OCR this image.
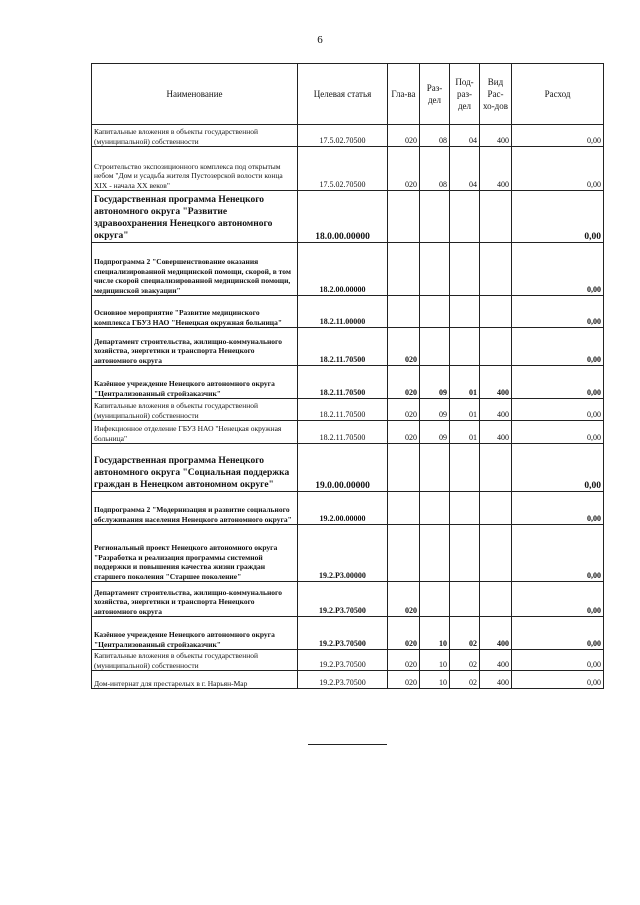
6
Наименование	Целевая статья	Гла-ва	Раз-дел	Под-раз-дел	Вид Рас-хо-дов	Расход
Капитальные вложения в объекты государственной (муниципальной) собственности	17.5.02.70500	020	08	04	400	0,00
Строительство экспозиционного комплекса под открытым небом "Дом и усадьба жителя Пустозерской волости конца XIX - начала XX веков"	17.5.02.70500	020	08	04	400	0,00
Государственная программа Ненецкого автономного округа "Развитие здравоохранения Ненецкого автономного округа"	18.0.00.00000					0,00
Подпрограмма 2 "Совершенствование оказания специализированной медицинской помощи, скорой, в том числе скорой специализированной медицинской помощи, медицинской эвакуации"	18.2.00.00000					0,00
Основное мероприятие "Развитие медицинского комплекса ГБУЗ НАО "Ненецкая окружная больница"	18.2.11.00000					0,00
Департамент строительства, жилищно-коммунального хозяйства, энергетики и транспорта Ненецкого автономного округа	18.2.11.70500	020				0,00
Казённое учреждение Ненецкого автономного округа "Централизованный стройзаказчик"	18.2.11.70500	020	09	01	400	0,00
Капитальные вложения в объекты государственной (муниципальной) собственности	18.2.11.70500	020	09	01	400	0,00
Инфекционное отделение ГБУЗ НАО "Ненецкая окружная больница"	18.2.11.70500	020	09	01	400	0,00
Государственная программа Ненецкого автономного округа "Социальная поддержка граждан в Ненецком автономном округе"	19.0.00.00000					0,00
Подпрограмма 2 "Модернизация и развитие социального обслуживания населения Ненецкого автономного округа"	19.2.00.00000					0,00
Региональный проект Ненецкого автономного округа "Разработка и реализация программы системной поддержки и повышения качества жизни граждан старшего поколения "Старшее поколение"	19.2.P3.00000					0,00
Департамент строительства, жилищно-коммунального хозяйства, энергетики и транспорта Ненецкого автономного округа	19.2.P3.70500	020				0,00
Казённое учреждение Ненецкого автономного округа "Централизованный стройзаказчик"	19.2.P3.70500	020	10	02	400	0,00
Капитальные вложения в объекты государственной (муниципальной) собственности	19.2.P3.70500	020	10	02	400	0,00
Дом-интернат для престарелых в г. Нарьян-Мар	19.2.P3.70500	020	10	02	400	0,00
